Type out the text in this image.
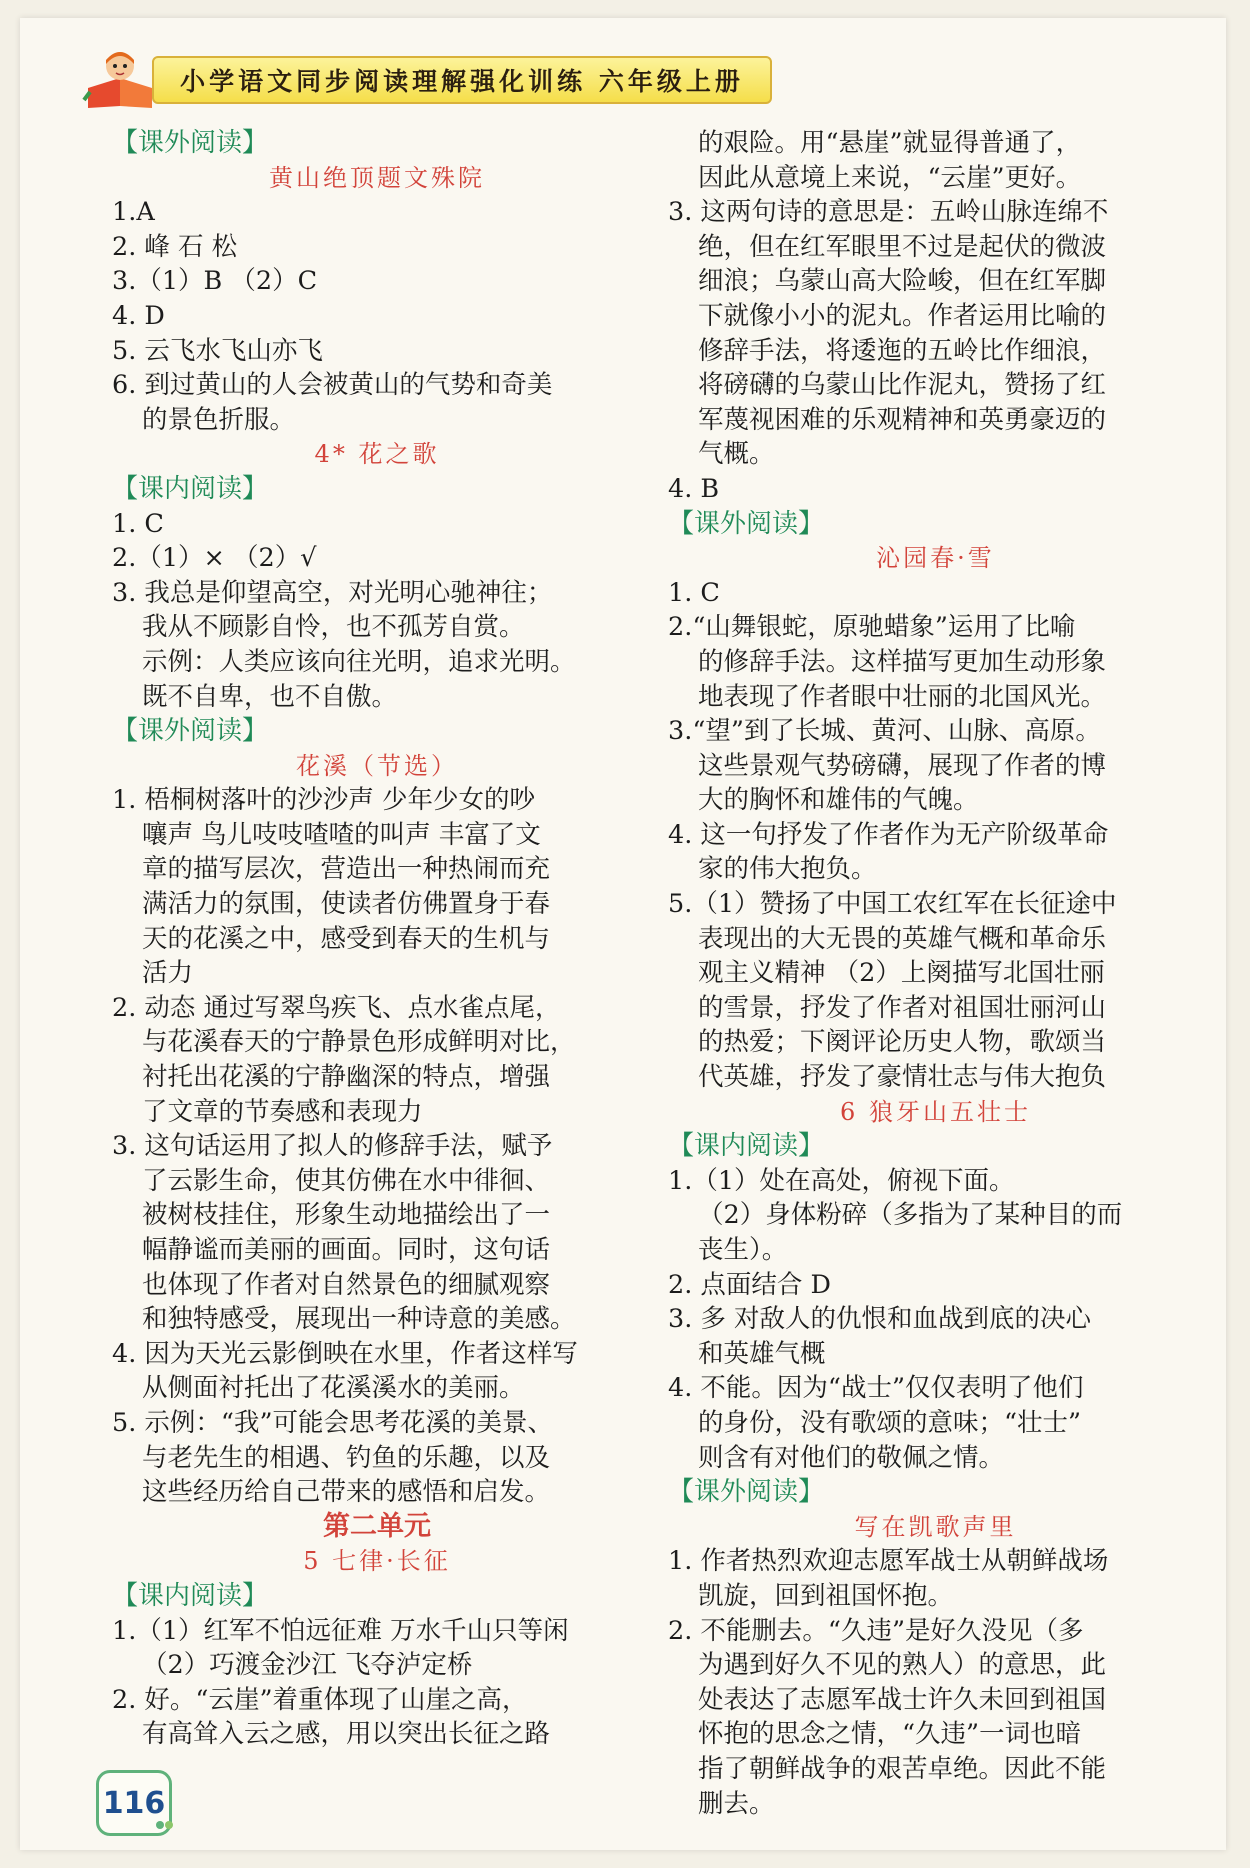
小学语文同步阅读理解强化训练 六年级上册
【课外阅读】
黄山绝顶题文殊院
1.A
2. 峰 石 松
3.（1）B （2）C
4. D
5. 云飞水飞山亦飞
6. 到过黄山的人会被黄山的气势和奇美
的景色折服。
4* 花之歌
【课内阅读】
1. C
2.（1）× （2）√
3. 我总是仰望高空，对光明心驰神往；
我从不顾影自怜，也不孤芳自赏。
示例：人类应该向往光明，追求光明。
既不自卑，也不自傲。
【课外阅读】
花溪（节选）
1. 梧桐树落叶的沙沙声 少年少女的吵
嚷声 鸟儿吱吱喳喳的叫声 丰富了文
章的描写层次，营造出一种热闹而充
满活力的氛围，使读者仿佛置身于春
天的花溪之中，感受到春天的生机与
活力
2. 动态 通过写翠鸟疾飞、点水雀点尾，
与花溪春天的宁静景色形成鲜明对比，
衬托出花溪的宁静幽深的特点，增强
了文章的节奏感和表现力
3. 这句话运用了拟人的修辞手法，赋予
了云影生命，使其仿佛在水中徘徊、
被树枝挂住，形象生动地描绘出了一
幅静谧而美丽的画面。同时，这句话
也体现了作者对自然景色的细腻观察
和独特感受，展现出一种诗意的美感。
4. 因为天光云影倒映在水里，作者这样写
从侧面衬托出了花溪溪水的美丽。
5. 示例：“我”可能会思考花溪的美景、
与老先生的相遇、钓鱼的乐趣，以及
这些经历给自己带来的感悟和启发。
第二单元
5 七律·长征
【课内阅读】
1.（1）红军不怕远征难 万水千山只等闲
（2）巧渡金沙江 飞夺泸定桥
2. 好。“云崖”着重体现了山崖之高，
有高耸入云之感，用以突出长征之路
的艰险。用“悬崖”就显得普通了，
因此从意境上来说，“云崖”更好。
3. 这两句诗的意思是：五岭山脉连绵不
绝，但在红军眼里不过是起伏的微波
细浪；乌蒙山高大险峻，但在红军脚
下就像小小的泥丸。作者运用比喻的
修辞手法，将逶迤的五岭比作细浪，
将磅礴的乌蒙山比作泥丸，赞扬了红
军蔑视困难的乐观精神和英勇豪迈的
气概。
4. B
【课外阅读】
沁园春·雪
1. C
2.“山舞银蛇，原驰蜡象”运用了比喻
的修辞手法。这样描写更加生动形象
地表现了作者眼中壮丽的北国风光。
3.“望”到了长城、黄河、山脉、高原。
这些景观气势磅礴，展现了作者的博
大的胸怀和雄伟的气魄。
4. 这一句抒发了作者作为无产阶级革命
家的伟大抱负。
5.（1）赞扬了中国工农红军在长征途中
表现出的大无畏的英雄气概和革命乐
观主义精神 （2）上阕描写北国壮丽
的雪景，抒发了作者对祖国壮丽河山
的热爱；下阕评论历史人物，歌颂当
代英雄，抒发了豪情壮志与伟大抱负
6 狼牙山五壮士
【课内阅读】
1.（1）处在高处，俯视下面。
（2）身体粉碎（多指为了某种目的而
丧生）。
2. 点面结合 D
3. 多 对敌人的仇恨和血战到底的决心
和英雄气概
4. 不能。因为“战士”仅仅表明了他们
的身份，没有歌颂的意味；“壮士”
则含有对他们的敬佩之情。
【课外阅读】
写在凯歌声里
1. 作者热烈欢迎志愿军战士从朝鲜战场
凯旋，回到祖国怀抱。
2. 不能删去。“久违”是好久没见（多
为遇到好久不见的熟人）的意思，此
处表达了志愿军战士许久未回到祖国
怀抱的思念之情，“久违”一词也暗
指了朝鲜战争的艰苦卓绝。因此不能
删去。
116
